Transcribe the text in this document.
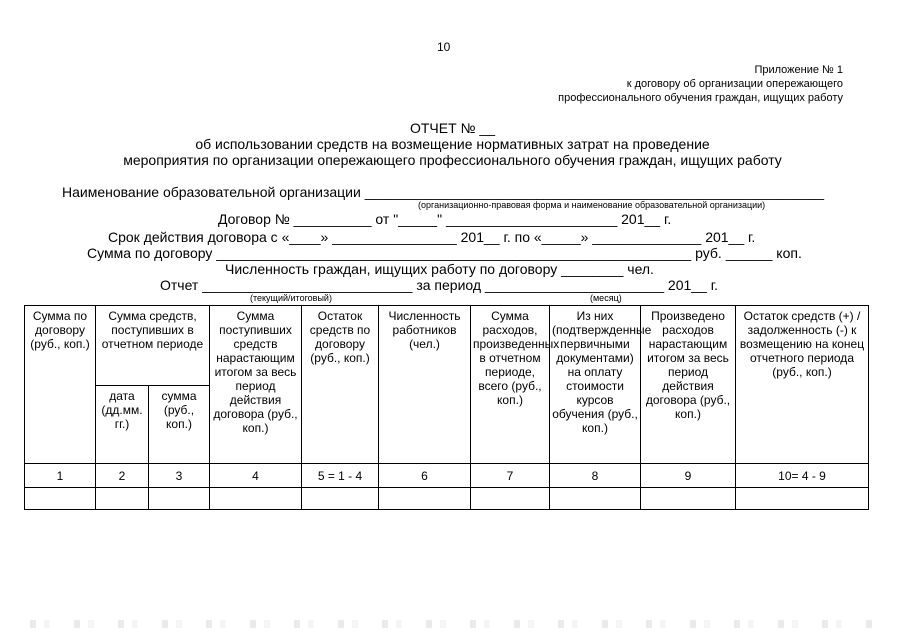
10
Приложение № 1
к договору об организации опережающего
профессионального обучения граждан, ищущих работу
ОТЧЕТ № __
об использовании средств на возмещение нормативных затрат на проведение
мероприятия по организации опережающего профессионального обучения граждан, ищущих работу
Наименование образовательной организации ___________________________________________________________
(организационно-правовая форма и наименование образовательной организации)
Договор № __________ от "_____" ______________________ 201__ г.
Срок действия договора с «____» ________________ 201__ г. по «_____» ______________ 201__ г.
Сумма по договору _____________________________________________________________ руб. ______ коп.
Численность граждан, ищущих работу по договору ________ чел.
Отчет ___________________________ за период _______________________ 201__ г.
(текущий/итоговый)	(месяц)
Сумма по договору (руб., коп.)	Сумма средств, поступивших в отчетном периоде		Сумма поступивших средств нарастающим итогом за весь период действия договора (руб., коп.)	Остаток средств по договору (руб., коп.)	Численность работников (чел.)	Сумма расходов, произведенных в отчетном периоде, всего (руб., коп.)	Из них (подтвержденные первичными документами) на оплату стоимости курсов обучения (руб., коп.)	Произведено расходов нарастающим итогом за весь период действия договора (руб., коп.)	Остаток средств (+) / задолженность (-) к возмещению на конец отчетного периода (руб., коп.)
	дата (дд.мм. гг.)	сумма (руб., коп.)							
1	2	3	4	5 = 1 - 4	6	7	8	9	10= 4 - 9
